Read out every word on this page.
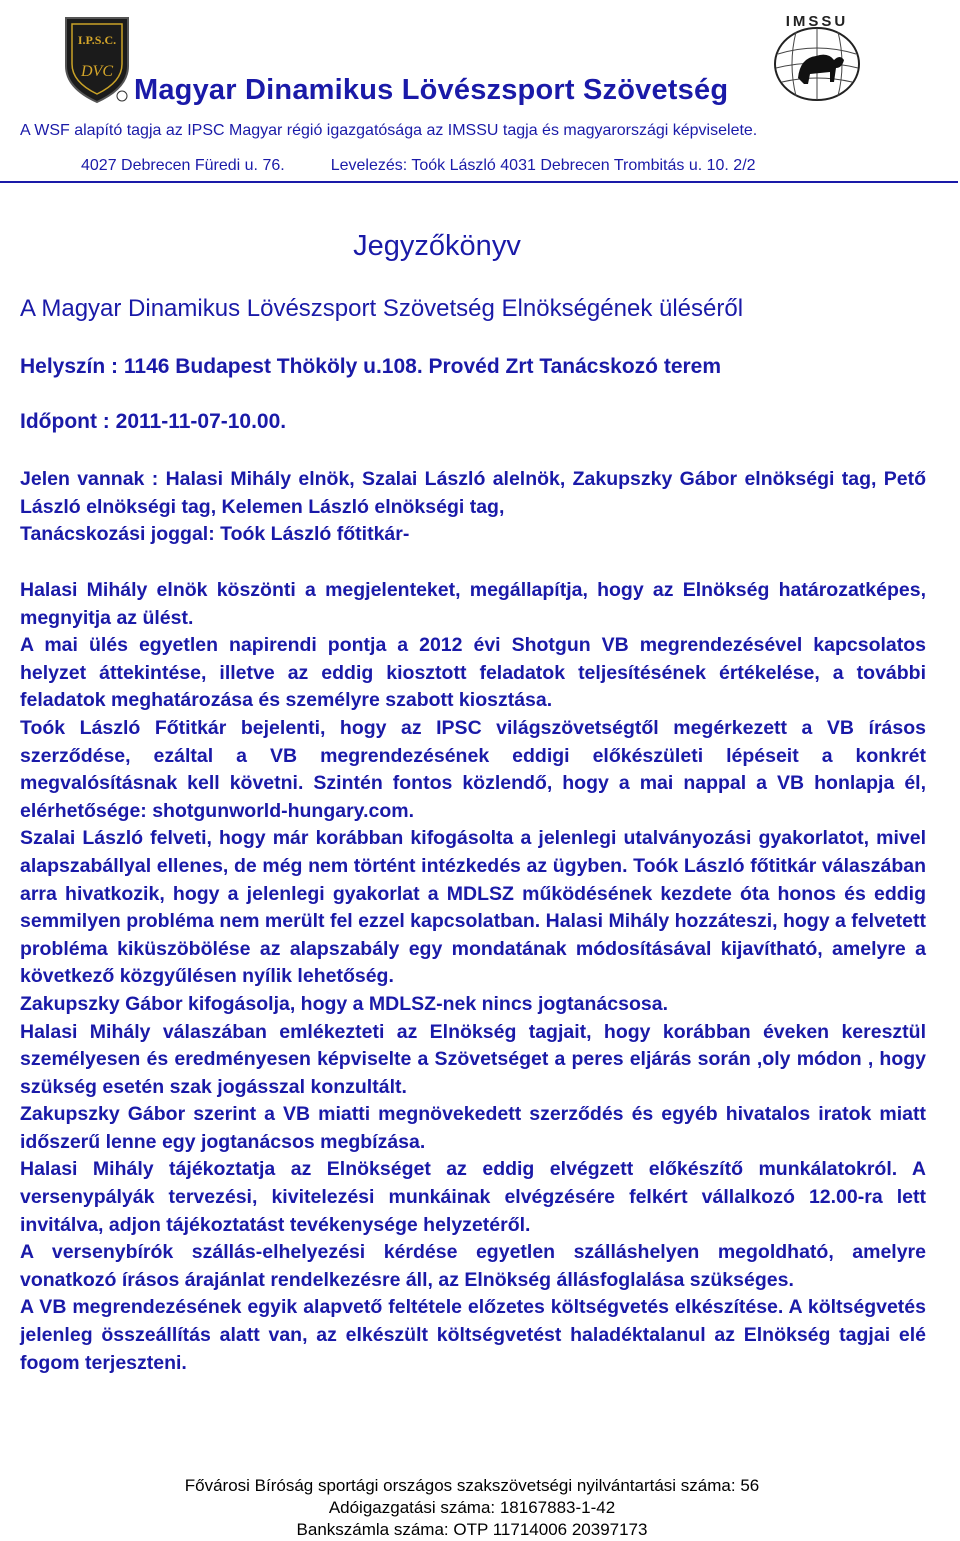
I.P.S.C.
DVC
IMSSU
Magyar Dinamikus Lövészsport Szövetség

A WSF alapító tagja az IPSC Magyar régió igazgatósága az IMSSU tagja és magyarországi képviselete.

4027 Debrecen Füredi u. 76.	Levelezés: Toók László 4031 Debrecen Trombitás u. 10. 2/2

Jegyzőkönyv
A Magyar Dinamikus Lövészsport Szövetség Elnökségének üléséről

Helyszín : 1146 Budapest Thököly u.108. Provéd Zrt Tanácskozó terem

Időpont : 2011-11-07-10.00.

Jelen vannak : Halasi Mihály elnök, Szalai László alelnök, Zakupszky Gábor elnökségi tag, Pető László elnökségi tag, Kelemen László elnökségi tag,

Tanácskozási joggal: Toók László főtitkár-

Halasi Mihály elnök köszönti a megjelenteket, megállapítja, hogy az Elnökség határozatképes, megnyitja az ülést.

A mai ülés egyetlen napirendi pontja a 2012 évi Shotgun VB megrendezésével kapcsolatos helyzet áttekintése, illetve az eddig kiosztott feladatok teljesítésének értékelése, a további feladatok meghatározása és személyre szabott kiosztása.

Toók László Főtitkár bejelenti, hogy az IPSC világszövetségtől megérkezett a VB írásos szerződése, ezáltal a VB megrendezésének eddigi előkészületi lépéseit a konkrét megvalósításnak kell követni. Szintén fontos közlendő, hogy a mai nappal a VB honlapja él, elérhetősége: shotgunworld-hungary.com.

Szalai László felveti, hogy már korábban kifogásolta a jelenlegi utalványozási gyakorlatot, mivel alapszabállyal ellenes, de még nem történt intézkedés az ügyben. Toók László főtitkár válaszában arra hivatkozik, hogy a jelenlegi gyakorlat a MDLSZ működésének kezdete óta honos és eddig semmilyen probléma nem merült fel ezzel kapcsolatban. Halasi Mihály hozzáteszi, hogy a felvetett probléma kiküszöbölése az alapszabály egy mondatának módosításával kijavítható, amelyre a következő közgyűlésen nyílik lehetőség.

Zakupszky Gábor kifogásolja, hogy a MDLSZ-nek nincs jogtanácsosa.

Halasi Mihály válaszában emlékezteti az Elnökség tagjait, hogy korábban éveken keresztül személyesen és eredményesen képviselte a Szövetséget a peres eljárás során ,oly módon , hogy szükség esetén szak jogásszal konzultált.

Zakupszky Gábor szerint a VB miatti megnövekedett szerződés és egyéb hivatalos iratok miatt időszerű lenne egy jogtanácsos megbízása.

Halasi Mihály tájékoztatja az Elnökséget az eddig elvégzett előkészítő munkálatokról. A versenypályák tervezési, kivitelezési munkáinak elvégzésére felkért vállalkozó 12.00-ra lett invitálva, adjon tájékoztatást tevékenysége helyzetéről.

A versenybírók szállás-elhelyezési kérdése egyetlen szálláshelyen megoldható, amelyre vonatkozó írásos árajánlat rendelkezésre áll, az Elnökség állásfoglalása szükséges.

A VB megrendezésének egyik alapvető feltétele előzetes költségvetés elkészítése. A költségvetés jelenleg összeállítás alatt van, az elkészült költségvetést haladéktalanul az Elnökség tagjai elé fogom terjeszteni.

Fővárosi Bíróság sportági országos szakszövetségi nyilvántartási száma: 56
Adóigazgatási száma: 18167883-1-42
Bankszámla száma: OTP 11714006 20397173
